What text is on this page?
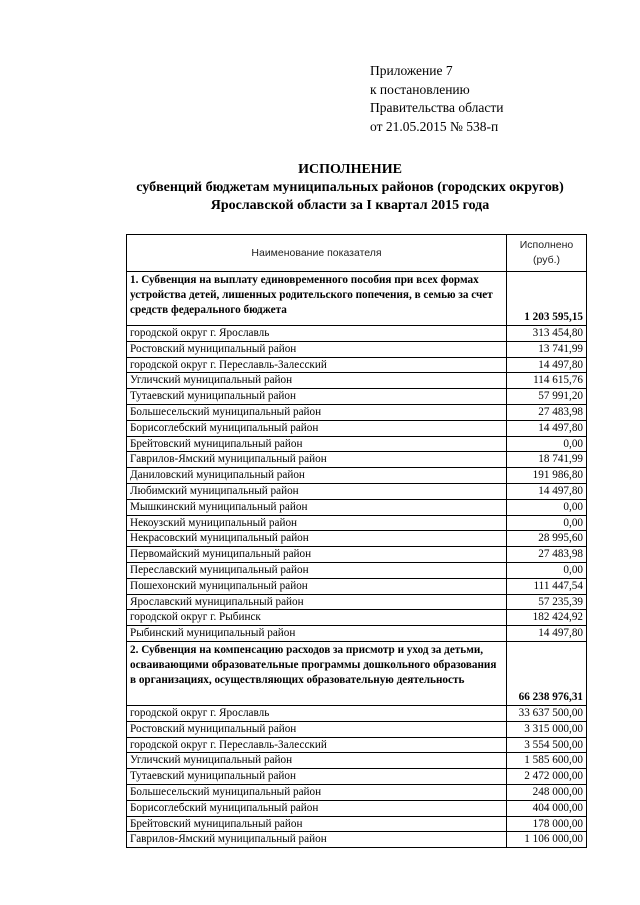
Приложение 7
к постановлению
Правительства области
от 21.05.2015 № 538-п
ИСПОЛНЕНИЕ
субвенций бюджетам муниципальных районов (городских округов)
Ярославской области за I квартал 2015 года
Наименование показателя	Исполнено
(руб.)

1. Субвенция на выплату единовременного пособия при всех формах устройства детей, лишенных родительского попечения, в семью за счет средств федерального бюджета	1 203 595,15
городской округ г. Ярославль	313 454,80
Ростовский муниципальный район	13 741,99
городской округ г. Переславль-Залесский	14 497,80
Угличский муниципальный район	114 615,76
Тутаевский муниципальный район	57 991,20
Большесельский муниципальный район	27 483,98
Борисоглебский муниципальный район	14 497,80
Брейтовский муниципальный район	0,00
Гаврилов-Ямский муниципальный район	18 741,99
Даниловский муниципальный район	191 986,80
Любимский муниципальный район	14 497,80
Мышкинский муниципальный район	0,00
Некоузский муниципальный район	0,00
Некрасовский муниципальный район	28 995,60
Первомайский муниципальный район	27 483,98
Переславский муниципальный район	0,00
Пошехонский муниципальный район	111 447,54
Ярославский муниципальный район	57 235,39
городской округ г. Рыбинск	182 424,92
Рыбинский муниципальный район	14 497,80
2. Субвенция на компенсацию расходов за присмотр и уход за детьми, осваивающими образовательные программы дошкольного образования в организациях, осуществляющих образовательную деятельность	66 238 976,31
городской округ г. Ярославль	33 637 500,00
Ростовский муниципальный район	3 315 000,00
городской округ г. Переславль-Залесский	3 554 500,00
Угличский муниципальный район	1 585 600,00
Тутаевский муниципальный район	2 472 000,00
Большесельский муниципальный район	248 000,00
Борисоглебский муниципальный район	404 000,00
Брейтовский муниципальный район	178 000,00
Гаврилов-Ямский муниципальный район	1 106 000,00
